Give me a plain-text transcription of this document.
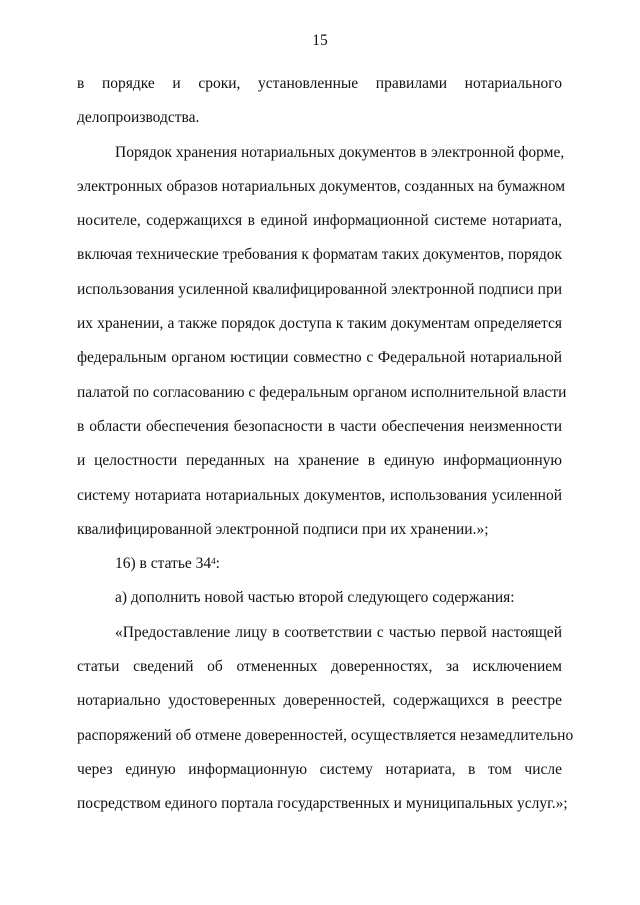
15
в порядке и сроки, установленные правилами нотариального
делопроизводства.
Порядок хранения нотариальных документов в электронной форме,
электронных образов нотариальных документов, созданных на бумажном
носителе, содержащихся в единой информационной системе нотариата,
включая технические требования к форматам таких документов, порядок
использования усиленной квалифицированной электронной подписи при
их хранении, а также порядок доступа к таким документам определяется
федеральным органом юстиции совместно с Федеральной нотариальной
палатой по согласованию с федеральным органом исполнительной власти
в области обеспечения безопасности в части обеспечения неизменности
и целостности переданных на хранение в единую информационную
систему нотариата нотариальных документов, использования усиленной
квалифицированной электронной подписи при их хранении.»;
16) в статье $34^4$:
а) дополнить новой частью второй следующего содержания:
«Предоставление лицу в соответствии с частью первой настоящей
статьи сведений об отмененных доверенностях, за исключением
нотариально удостоверенных доверенностей, содержащихся в реестре
распоряжений об отмене доверенностей, осуществляется незамедлительно
через единую информационную систему нотариата, в том числе
посредством единого портала государственных и муниципальных услуг.»;
